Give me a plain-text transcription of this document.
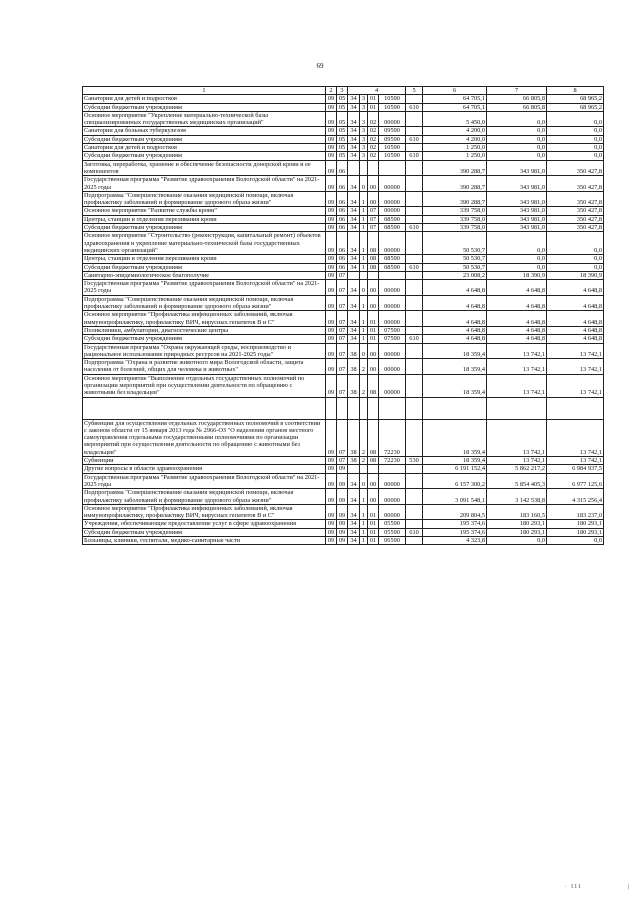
69
1	2	3	4				5	6	7	8
Санатории для детей и подростков	09	05	34	3	01	10590		64 705,1	66 805,8	68 965,2
Субсидии бюджетным учреждениям	09	05	34	3	01	10590	610	64 705,1	66 805,8	68 965,2
Основное мероприятие "Укрепление материально-технической базы специализированных государственных медицинских организаций"	09	05	34	3	02	00000		5 450,0	0,0	0,0
Санатории для больных туберкулезом	09	05	34	3	02	09590		4 200,0	0,0	0,0
Субсидии бюджетным учреждениям	09	05	34	3	02	09590	610	4 200,0	0,0	0,0
Санатории для детей и подростков	09	05	34	3	02	10590		1 250,0	0,0	0,0
Субсидии бюджетным учреждениям	09	05	34	3	02	10590	610	1 250,0	0,0	0,0
Заготовка, переработка, хранение и обеспечение безопасности донорской крови и ее компонентов	09	06						390 288,7	343 981,0	350 427,8
Государственная программа "Развитие здравоохранения Вологодской области" на 2021-2025 годы	09	06	34	0	00	00000		390 288,7	343 981,0	350 427,8
Подпрограмма "Совершенствование оказания медицинской помощи, включая профилактику заболеваний и формирование здорового образа жизни"	09	06	34	1	00	00000		390 288,7	343 981,0	350 427,8
Основное мероприятие "Развитие службы крови"	09	06	34	1	07	00000		339 758,0	343 981,0	350 427,8
Центры, станции и отделения переливания крови	09	06	34	1	07	08590		339 758,0	343 981,0	350 427,8
Субсидии бюджетным учреждениям	09	06	34	1	07	08590	610	339 758,0	343 981,0	350 427,8
Основное мероприятие "Строительство (реконструкция, капитальный ремонт) объектов здравоохранения и укрепление материально-технической базы государственных медицинских организаций"	09	06	34	1	08	00000		50 530,7	0,0	0,0
Центры, станции и отделения переливания крови	09	06	34	1	08	08590		50 530,7	0,0	0,0
Субсидии бюджетным учреждениям	09	06	34	1	08	08590	610	50 530,7	0,0	0,0
Санитарно-эпидемиологическое благополучие	09	07						23 008,2	18 390,9	18 390,9
Государственная программа "Развитие здравоохранения Вологодской области" на 2021-2025 годы	09	07	34	0	00	00000		4 648,8	4 648,8	4 648,8
Подпрограмма "Совершенствование оказания медицинской помощи, включая профилактику заболеваний и формирование здорового образа жизни"	09	07	34	1	00	00000		4 648,8	4 648,8	4 648,8
Основное мероприятие "Профилактика инфекционных заболеваний, включая иммунопрофилактику, профилактику ВИЧ, вирусных гепатитов В и С"	09	07	34	1	01	00000		4 648,8	4 648,8	4 648,8
Поликлиники, амбулатории, диагностические центры	09	07	34	1	01	07590		4 648,8	4 648,8	4 648,8
Субсидии бюджетным учреждениям	09	07	34	1	01	07590	610	4 648,8	4 648,8	4 648,8
Государственная программа "Охрана окружающей среды, воспроизводство и рациональное использование природных ресурсов на 2021-2025 годы"	09	07	38	0	00	00000		18 359,4	13 742,1	13 742,1
Подпрограмма "Охрана и развитие животного мира Вологодской области, защита населения от болезней, общих для человека и животных"	09	07	38	2	00	00000		18 359,4	13 742,1	13 742,1
Основное мероприятие "Выполнение отдельных государственных полномочий по организации мероприятий при осуществлении деятельности по обращению с животными без владельцев"	09	07	38	2	08	00000		18 359,4	13 742,1	13 742,1

Субвенции для осуществления отдельных государственных полномочий в соответствии с законом области от 15 января 2013 года № 2966-ОЗ "О наделении органов местного самоуправления отдельными государственными полномочиями по организации мероприятий при осуществлении деятельности по обращению с животными без владельцев"	09	07	38	2	08	72230		18 359,4	13 742,1	13 742,1
Субвенции	09	07	38	2	08	72230	530	18 359,4	13 742,1	13 742,1
Другие вопросы в области здравоохранения	09	09						6 191 152,4	5 862 217,2	6 984 937,5
Государственная программа "Развитие здравоохранения Вологодской области" на 2021-2025 годы	09	09	34	0	00	00000		6 157 300,2	5 854 405,3	6 977 125,6
Подпрограмма "Совершенствование оказания медицинской помощи, включая профилактику заболеваний и формирование здорового образа жизни"	09	09	34	1	00	00000		3 091 548,1	3 142 538,8	4 315 256,4
Основное мероприятие "Профилактика инфекционных заболеваний, включая иммунопрофилактику, профилактику ВИЧ, вирусных гепатитов В и С"	09	09	34	1	01	00000		209 804,5	183 160,5	183 237,0
Учреждения, обеспечивающие предоставление услуг в сфере здравоохранения	09	09	34	1	01	05590		195 374,6	180 293,1	180 293,1
Субсидии бюджетным учреждениям	09	09	34	1	01	05590	610	195 374,6	180 293,1	180 293,1
Больницы, клиники, госпитали, медико-санитарные части	09	09	34	1	01	06590		4 323,8	0,0	0,0
· 111	|
